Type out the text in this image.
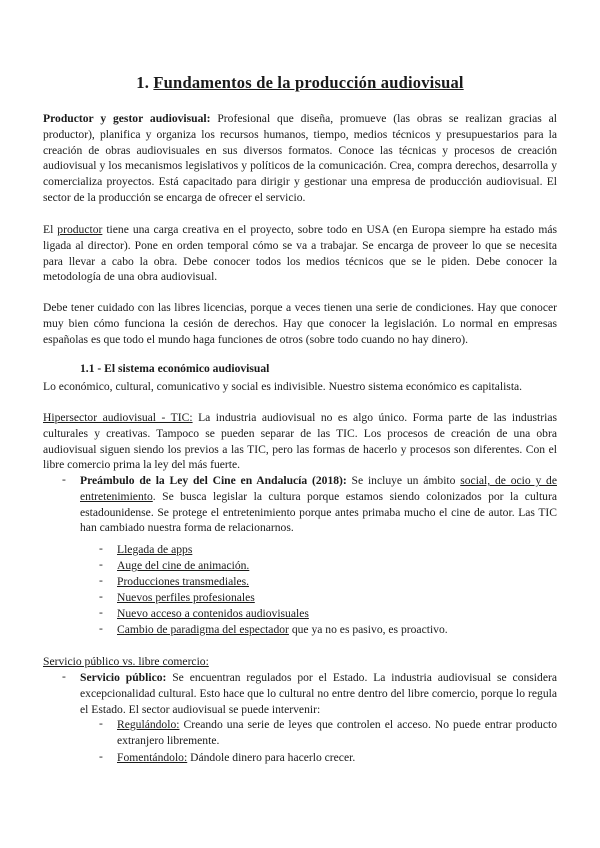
1. Fundamentos de la producción audiovisual
Productor y gestor audiovisual: Profesional que diseña, promueve (las obras se realizan gracias al productor), planifica y organiza los recursos humanos, tiempo, medios técnicos y presupuestarios para la creación de obras audiovisuales en sus diversos formatos. Conoce las técnicas y procesos de creación audiovisual y los mecanismos legislativos y políticos de la comunicación. Crea, compra derechos, desarrolla y comercializa proyectos. Está capacitado para dirigir y gestionar una empresa de producción audiovisual. El sector de la producción se encarga de ofrecer el servicio.
El productor tiene una carga creativa en el proyecto, sobre todo en USA (en Europa siempre ha estado más ligada al director). Pone en orden temporal cómo se va a trabajar. Se encarga de proveer lo que se necesita para llevar a cabo la obra. Debe conocer todos los medios técnicos que se le piden. Debe conocer la metodología de una obra audiovisual.
Debe tener cuidado con las libres licencias, porque a veces tienen una serie de condiciones. Hay que conocer muy bien cómo funciona la cesión de derechos. Hay que conocer la legislación. Lo normal en empresas españolas es que todo el mundo haga funciones de otros (sobre todo cuando no hay dinero).
1.1 - El sistema económico audiovisual
Lo económico, cultural, comunicativo y social es indivisible. Nuestro sistema económico es capitalista.
Hipersector audiovisual - TIC: La industria audiovisual no es algo único. Forma parte de las industrias culturales y creativas. Tampoco se pueden separar de las TIC. Los procesos de creación de una obra audiovisual siguen siendo los previos a las TIC, pero las formas de hacerlo y procesos son diferentes. Con el libre comercio prima la ley del más fuerte.
- Preámbulo de la Ley del Cine en Andalucía (2018): Se incluye un ámbito social, de ocio y de entretenimiento. Se busca legislar la cultura porque estamos siendo colonizados por la cultura estadounidense. Se protege el entretenimiento porque antes primaba mucho el cine de autor. Las TIC han cambiado nuestra forma de relacionarnos.
- Llegada de apps
- Auge del cine de animación.
- Producciones transmediales.
- Nuevos perfiles profesionales
- Nuevo acceso a contenidos audiovisuales
- Cambio de paradigma del espectador que ya no es pasivo, es proactivo.
Servicio público vs. libre comercio:
- Servicio público: Se encuentran regulados por el Estado. La industria audiovisual se considera excepcionalidad cultural. Esto hace que lo cultural no entre dentro del libre comercio, porque lo regula el Estado. El sector audiovisual se puede intervenir:
- Regulándolo: Creando una serie de leyes que controlen el acceso. No puede entrar producto extranjero libremente.
- Fomentándolo: Dándole dinero para hacerlo crecer.
